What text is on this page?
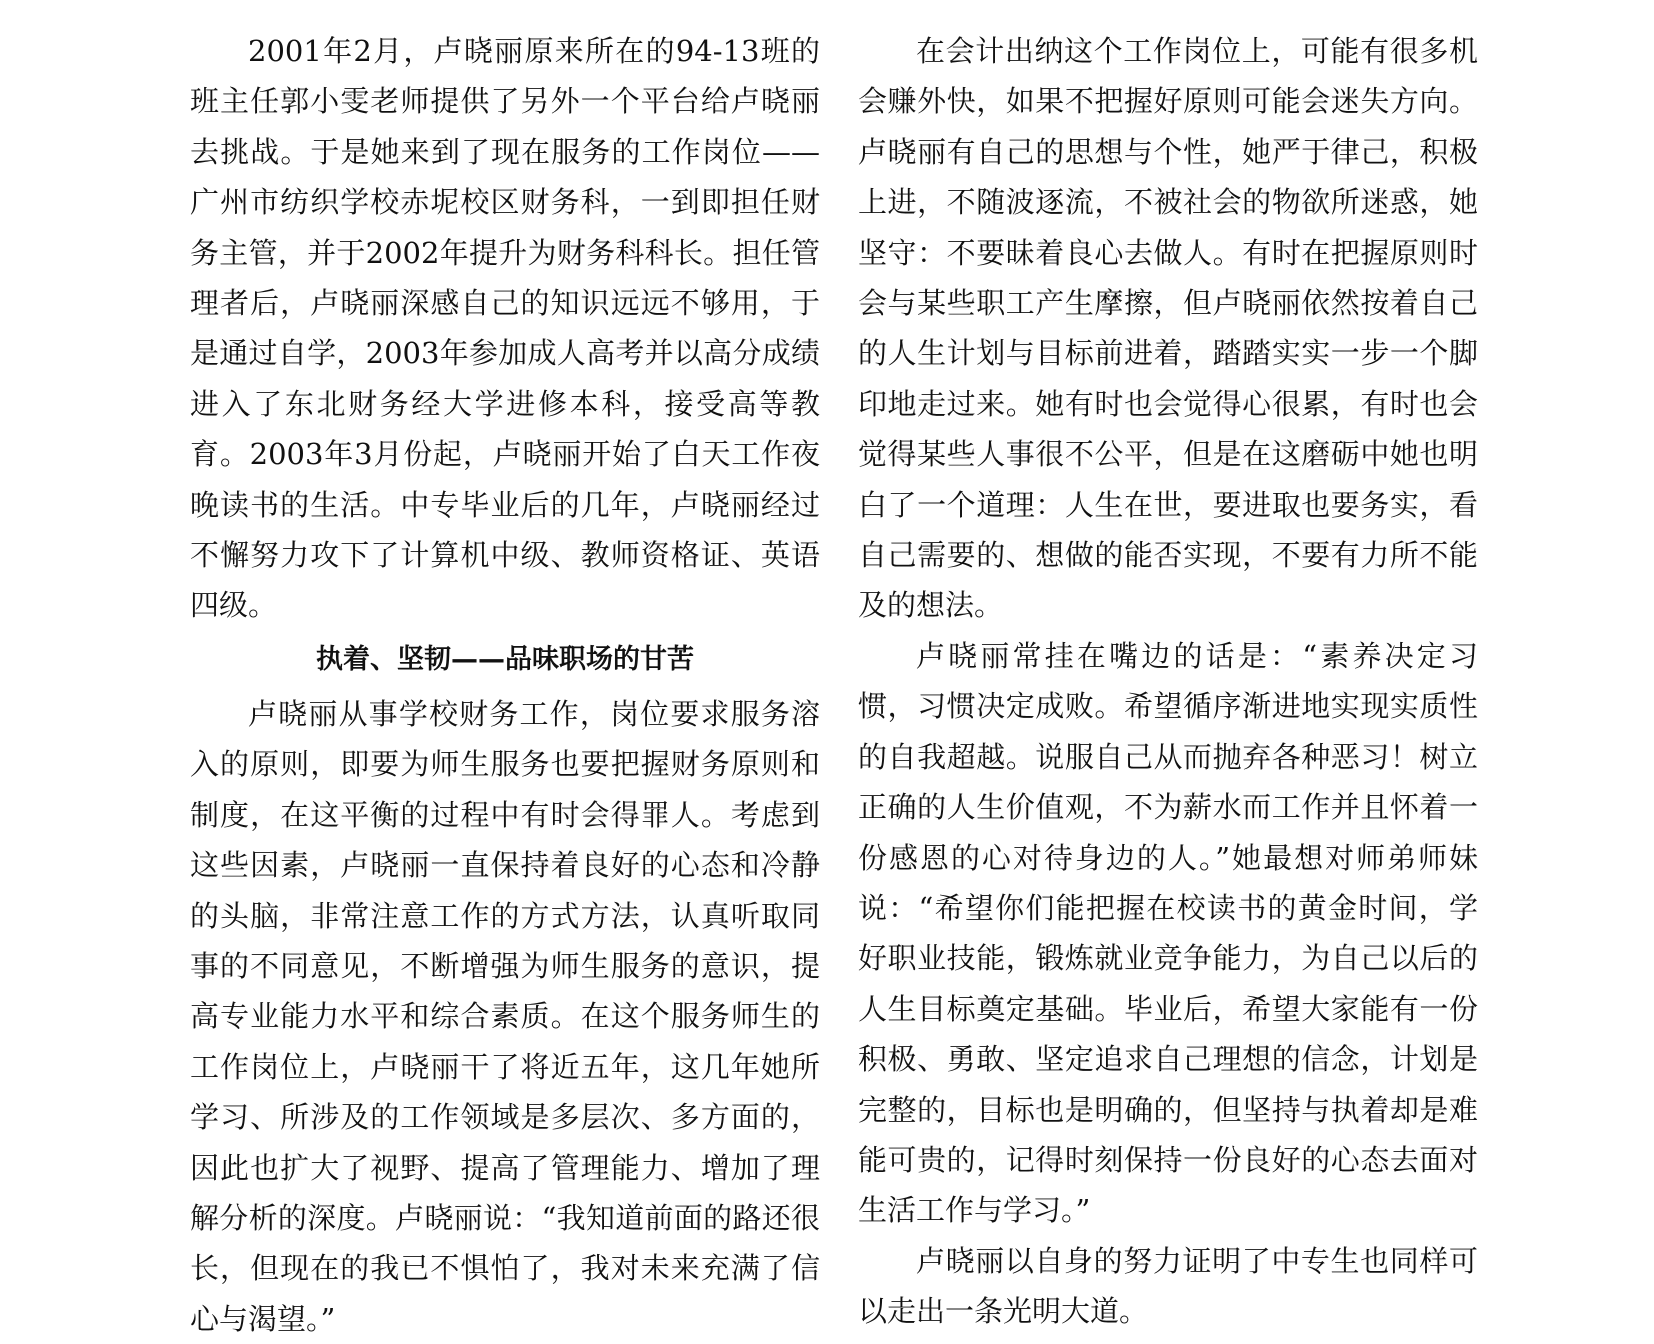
2001年2月，卢晓丽原来所在的94-13班的班主任郭小雯老师提供了另外一个平台给卢晓丽去挑战。于是她来到了现在服务的工作岗位——广州市纺织学校赤坭校区财务科，一到即担任财务主管，并于2002年提升为财务科科长。担任管理者后，卢晓丽深感自己的知识远远不够用，于是通过自学，2003年参加成人高考并以高分成绩进入了东北财务经大学进修本科，接受高等教育。2003年3月份起，卢晓丽开始了白天工作夜晚读书的生活。中专毕业后的几年，卢晓丽经过不懈努力攻下了计算机中级、教师资格证、英语四级。

执着、坚韧——品味职场的甘苦

卢晓丽从事学校财务工作，岗位要求服务溶入的原则，即要为师生服务也要把握财务原则和制度，在这平衡的过程中有时会得罪人。考虑到这些因素，卢晓丽一直保持着良好的心态和冷静的头脑，非常注意工作的方式方法，认真听取同事的不同意见，不断增强为师生服务的意识，提高专业能力水平和综合素质。在这个服务师生的工作岗位上，卢晓丽干了将近五年，这几年她所学习、所涉及的工作领域是多层次、多方面的，因此也扩大了视野、提高了管理能力、增加了理解分析的深度。卢晓丽说：“我知道前面的路还很长，但现在的我已不惧怕了，我对未来充满了信心与渴望。”

在会计出纳这个工作岗位上，可能有很多机会赚外快，如果不把握好原则可能会迷失方向。卢晓丽有自己的思想与个性，她严于律己，积极上进，不随波逐流，不被社会的物欲所迷惑，她坚守：不要昧着良心去做人。有时在把握原则时会与某些职工产生摩擦，但卢晓丽依然按着自己的人生计划与目标前进着，踏踏实实一步一个脚印地走过来。她有时也会觉得心很累，有时也会觉得某些人事很不公平，但是在这磨砺中她也明白了一个道理：人生在世，要进取也要务实，看自己需要的、想做的能否实现，不要有力所不能及的想法。

卢晓丽常挂在嘴边的话是：“素养决定习惯，习惯决定成败。希望循序渐进地实现实质性的自我超越。说服自己从而抛弃各种恶习！树立正确的人生价值观，不为薪水而工作并且怀着一份感恩的心对待身边的人。”她最想对师弟师妹说：“希望你们能把握在校读书的黄金时间，学好职业技能，锻炼就业竞争能力，为自己以后的人生目标奠定基础。毕业后，希望大家能有一份积极、勇敢、坚定追求自己理想的信念，计划是完整的，目标也是明确的，但坚持与执着却是难能可贵的，记得时刻保持一份良好的心态去面对生活工作与学习。”

卢晓丽以自身的努力证明了中专生也同样可以走出一条光明大道。
